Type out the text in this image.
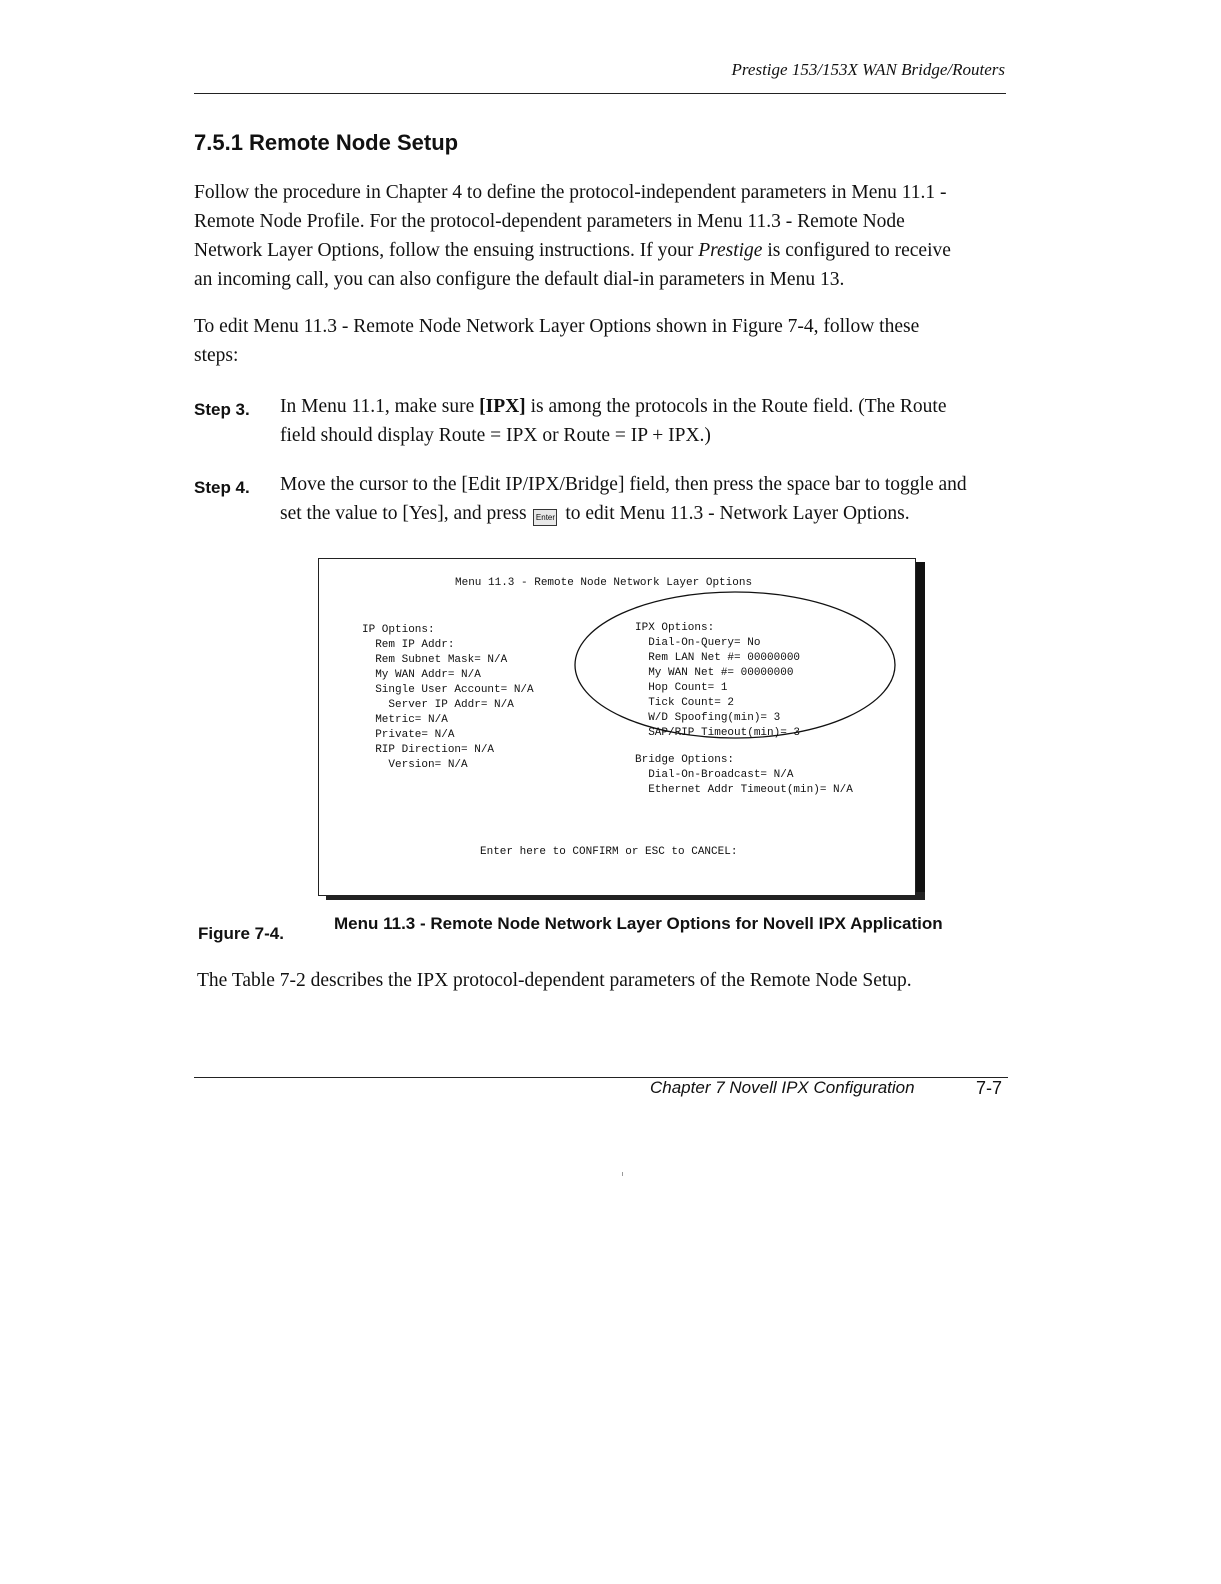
Prestige 153/153X WAN Bridge/Routers
7.5.1 Remote Node Setup

Follow the procedure in Chapter 4 to define the protocol-independent parameters in Menu 11.1 -

Remote Node Profile. For the protocol-dependent parameters in Menu 11.3 - Remote Node

Network Layer Options, follow the ensuing instructions. If your Prestige is configured to receive

an incoming call, you can also configure the default dial-in parameters in Menu 13.

To edit Menu 11.3 - Remote Node Network Layer Options shown in Figure 7-4, follow these

steps:

Step 3. In Menu 11.1, make sure [IPX] is among the protocols in the Route field. (The Route

field should display Route = IPX or Route = IP + IPX.)

Step 4. Move the cursor to the [Edit IP/IPX/Bridge] field, then press the space bar to toggle and

set the value to [Yes], and press Enter to edit Menu 11.3 - Network Layer Options.

Menu 11.3 - Remote Node Network Layer Options
IP Options:
Rem IP Addr:
Rem Subnet Mask= N/A
My WAN Addr= N/A
Single User Account= N/A
Server IP Addr= N/A
Metric= N/A
Private= N/A
RIP Direction= N/A
Version= N/A
IPX Options:
Dial-On-Query= No
Rem LAN Net #= 00000000
My WAN Net #= 00000000
Hop Count= 1
Tick Count= 2
W/D Spoofing(min)= 3
SAP/RIP Timeout(min)= 3
Bridge Options:
Dial-On-Broadcast= N/A
Ethernet Addr Timeout(min)= N/A
Enter here to CONFIRM or ESC to CANCEL:
Figure 7-4.
Menu 11.3 - Remote Node Network Layer Options for Novell IPX Application

The Table 7-2 describes the IPX protocol-dependent parameters of the Remote Node Setup.

Chapter 7 Novell IPX Configuration	7-7
